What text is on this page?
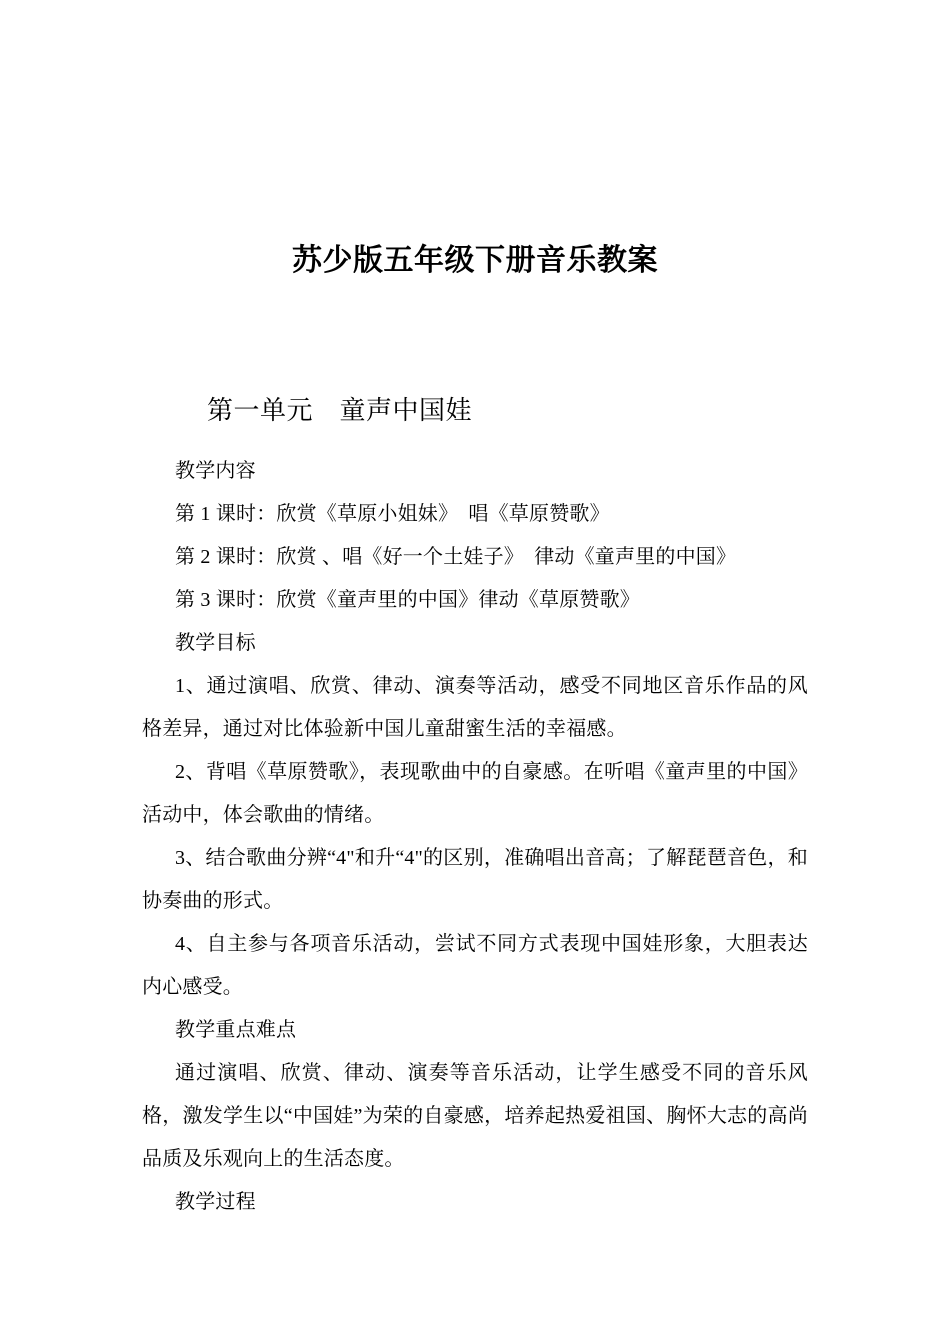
苏少版五年级下册音乐教案
第一单元　童声中国娃

教学内容

第 1 课时：欣赏《草原小姐妹》　唱《草原赞歌》

第 2 课时：欣赏 、唱《好一个土娃子》　律动《童声里的中国》

第 3 课时：欣赏《童声里的中国》律动《草原赞歌》

教学目标

1、通过演唱、欣赏、律动、演奏等活动，感受不同地区音乐作品的风格差异，通过对比体验新中国儿童甜蜜生活的幸福感。

2、背唱《草原赞歌》，表现歌曲中的自豪感。在听唱《童声里的中国》活动中，体会歌曲的情绪。

3、结合歌曲分辨“4"和升“4"的区别，准确唱出音高；了解琵琶音色，和协奏曲的形式。

4、自主参与各项音乐活动，尝试不同方式表现中国娃形象，大胆表达内心感受。

教学重点难点

通过演唱、欣赏、律动、演奏等音乐活动，让学生感受不同的音乐风格，激发学生以“中国娃”为荣的自豪感，培养起热爱祖国、胸怀大志的高尚品质及乐观向上的生活态度。

教学过程
